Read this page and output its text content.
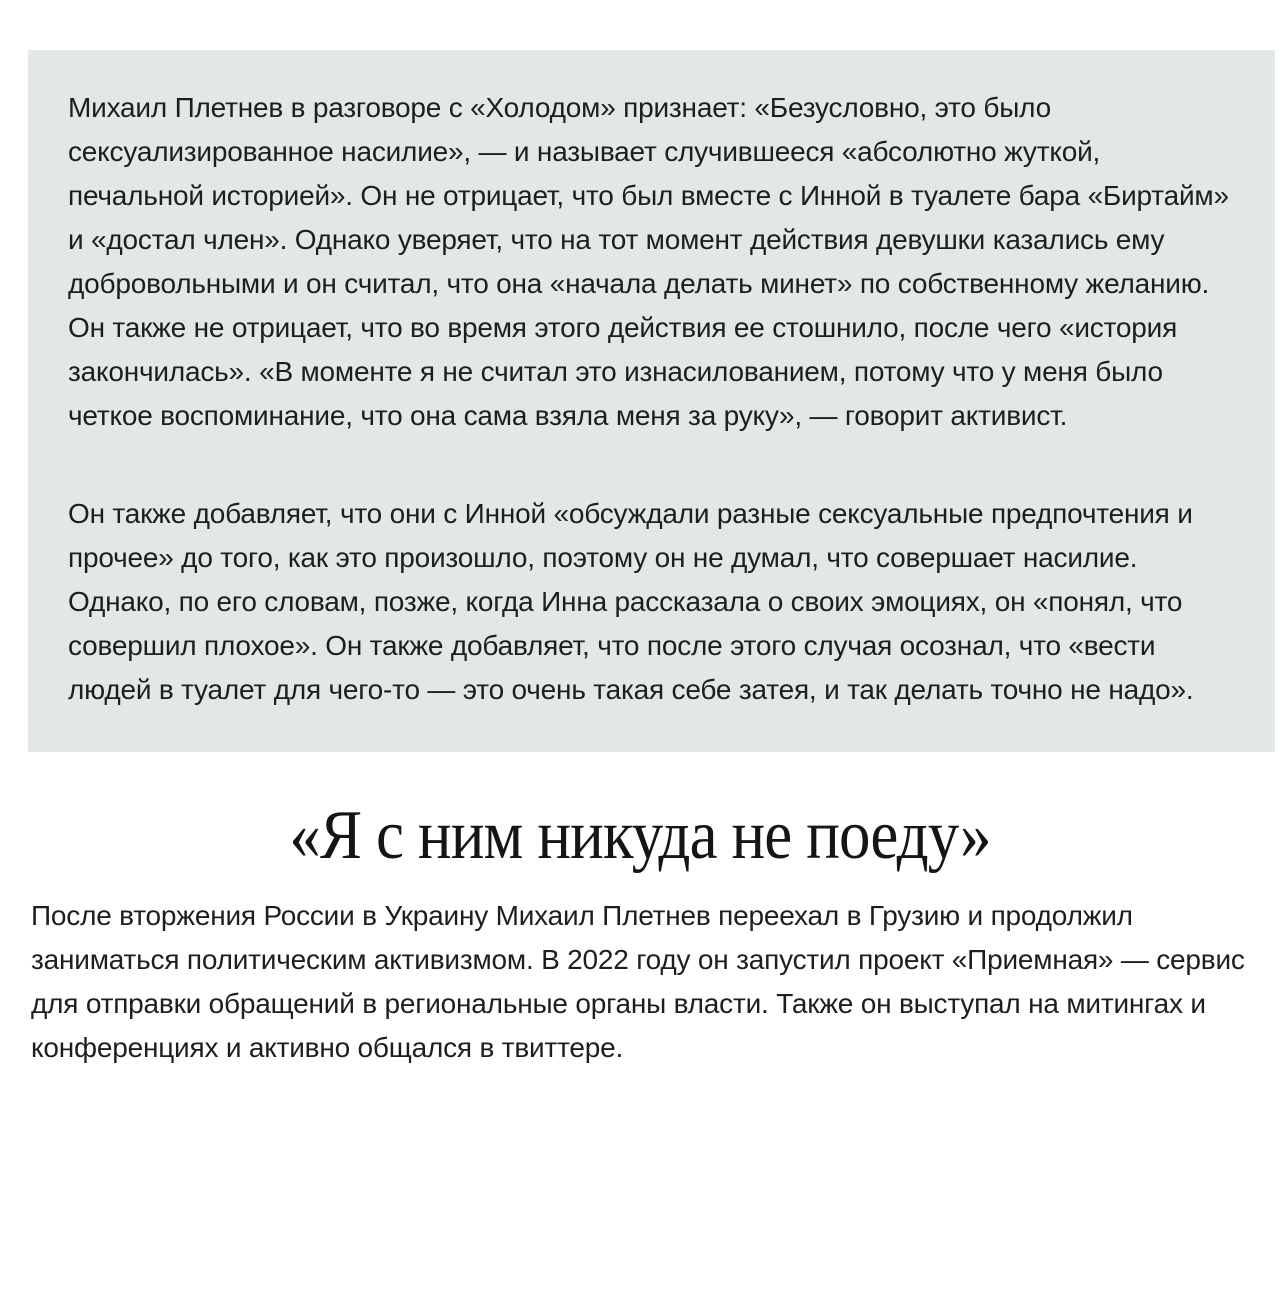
Михаил Плетнев в разговоре с «Холодом» признает: «Безусловно, это было сексуализированное насилие», — и называет случившееся «абсолютно жуткой, печальной историей». Он не отрицает, что был вместе с Инной в туалете бара «Биртайм» и «достал член». Однако уверяет, что на тот момент действия девушки казались ему добровольными и он считал, что она «начала делать минет» по собственному желанию. Он также не отрицает, что во время этого действия ее стошнило, после чего «история закончилась». «В моменте я не считал это изнасилованием, потому что у меня было четкое воспоминание, что она сама взяла меня за руку», — говорит активист.

Он также добавляет, что они с Инной «обсуждали разные сексуальные предпочтения и прочее» до того, как это произошло, поэтому он не думал, что совершает насилие. Однако, по его словам, позже, когда Инна рассказала о своих эмоциях, он «понял, что совершил плохое». Он также добавляет, что после этого случая осознал, что «вести людей в туалет для чего-то — это очень такая себе затея, и так делать точно не надо».

«Я с ним никуда не поеду»

После вторжения России в Украину Михаил Плетнев переехал в Грузию и продолжил заниматься политическим активизмом. В 2022 году он запустил проект «Приемная» — сервис для отправки обращений в региональные органы власти. Также он выступал на митингах и конференциях и активно общался в твиттере.
